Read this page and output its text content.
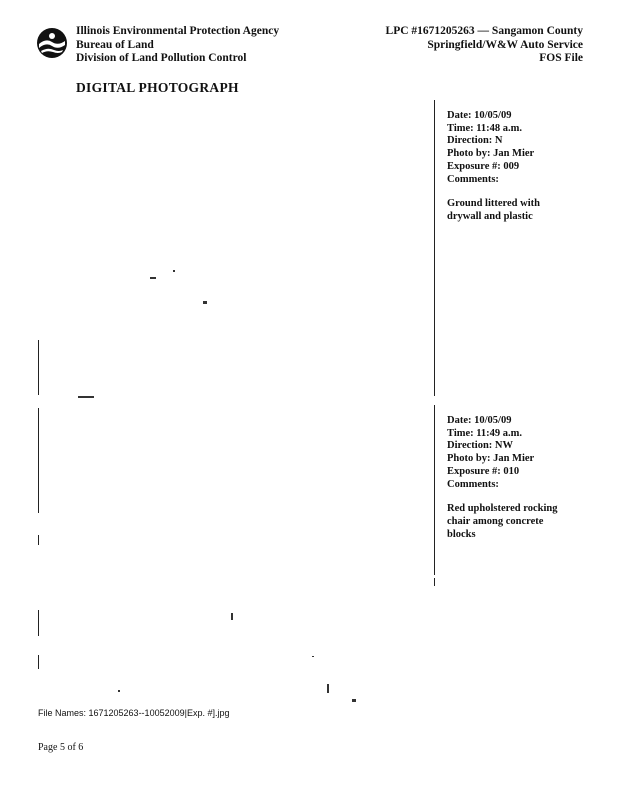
Illinois Environmental Protection Agency
Bureau of Land
Division of Land Pollution Control
LPC #1671205263 — Sangamon County
Springfield/W&W Auto Service
FOS File
DIGITAL PHOTOGRAPH
Date: 10/05/09
Time: 11:48 a.m.
Direction: N
Photo by: Jan Mier
Exposure #: 009
Comments:
Ground littered with drywall and plastic
Date: 10/05/09
Time: 11:49 a.m.
Direction: NW
Photo by: Jan Mier
Exposure #: 010
Comments:
Red upholstered rocking chair among concrete blocks
File Names: 1671205263--10052009|Exp. #].jpg
Page 5 of 6
